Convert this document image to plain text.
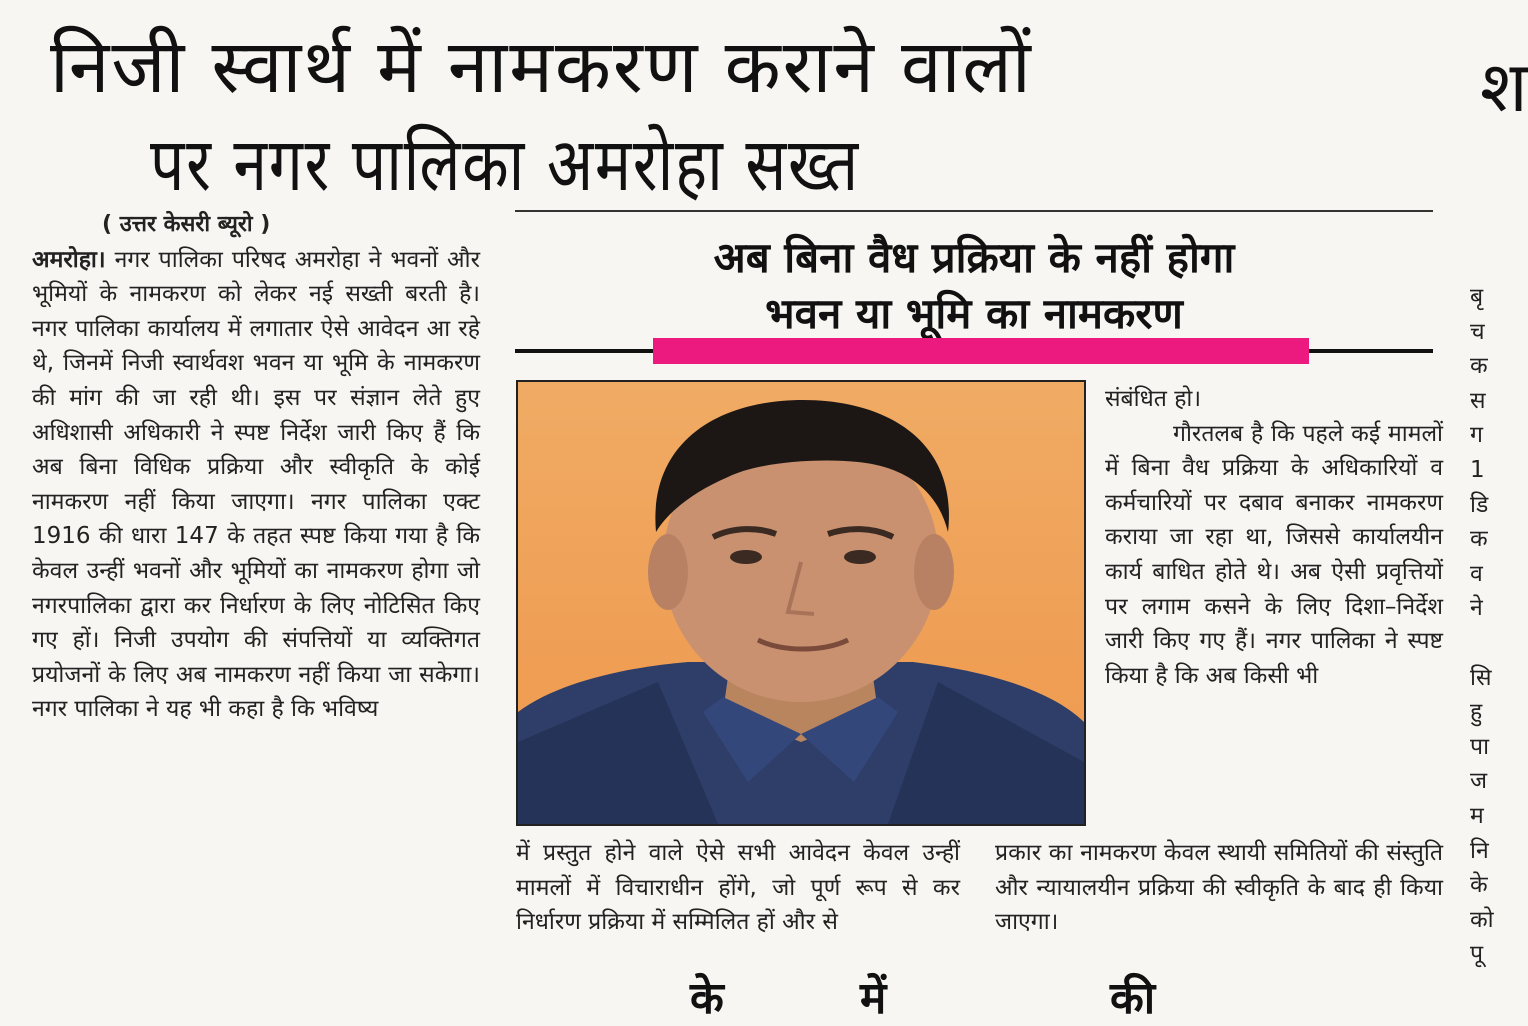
निजी स्वार्थ में नामकरण कराने वालों
पर नगर पालिका अमरोहा सख्त
श
( उत्तर केसरी ब्यूरो )

अमरोहा। नगर पालिका परिषद अमरोहा ने भवनों और भूमियों के नामकरण को लेकर नई सख्ती बरती है। नगर पालिका कार्यालय में लगातार ऐसे आवेदन आ रहे थे, जिनमें निजी स्वार्थवश भवन या भूमि के नामकरण की मांग की जा रही थी। इस पर संज्ञान लेते हुए अधिशासी अधिकारी ने स्पष्ट निर्देश जारी किए हैं कि अब बिना विधिक प्रक्रिया और स्वीकृति के कोई नामकरण नहीं किया जाएगा। नगर पालिका एक्ट 1916 की धारा 147 के तहत स्पष्ट किया गया है कि केवल उन्हीं भवनों और भूमियों का नामकरण होगा जो नगरपालिका द्वारा कर निर्धारण के लिए नोटिसित किए गए हों। निजी उपयोग की संपत्तियों या व्यक्तिगत प्रयोजनों के लिए अब नामकरण नहीं किया जा सकेगा।नगर पालिका ने यह भी कहा है कि भविष्य

अब बिना वैध प्रक्रिया के नहीं होगा
भवन या भूमि का नामकरण

संबंधित हो।

गौरतलब है कि पहले कई मामलों में बिना वैध प्रक्रिया के अधिकारियों व कर्मचारियों पर दबाव बनाकर नामकरण कराया जा रहा था, जिससे कार्यालयीन कार्य बाधित होते थे। अब ऐसी प्रवृत्तियों पर लगाम कसने के लिए दिशा–निर्देश जारी किए गए हैं। नगर पालिका ने स्पष्ट किया है कि अब किसी भी

में प्रस्तुत होने वाले ऐसे सभी आवेदन केवल उन्हीं मामलों में विचाराधीन होंगे, जो पूर्ण रूप से कर निर्धारण प्रक्रिया में सम्मिलित हों और से

प्रकार का नामकरण केवल स्थायी समितियों की संस्तुति और न्यायालयीन प्रक्रिया की स्वीकृति के बाद ही किया जाएगा।

बृ
च
क
स
ग
1
डि
क
व
ने
सि
हु
पा
ज
म
नि
के
को
पू
के	में	की
